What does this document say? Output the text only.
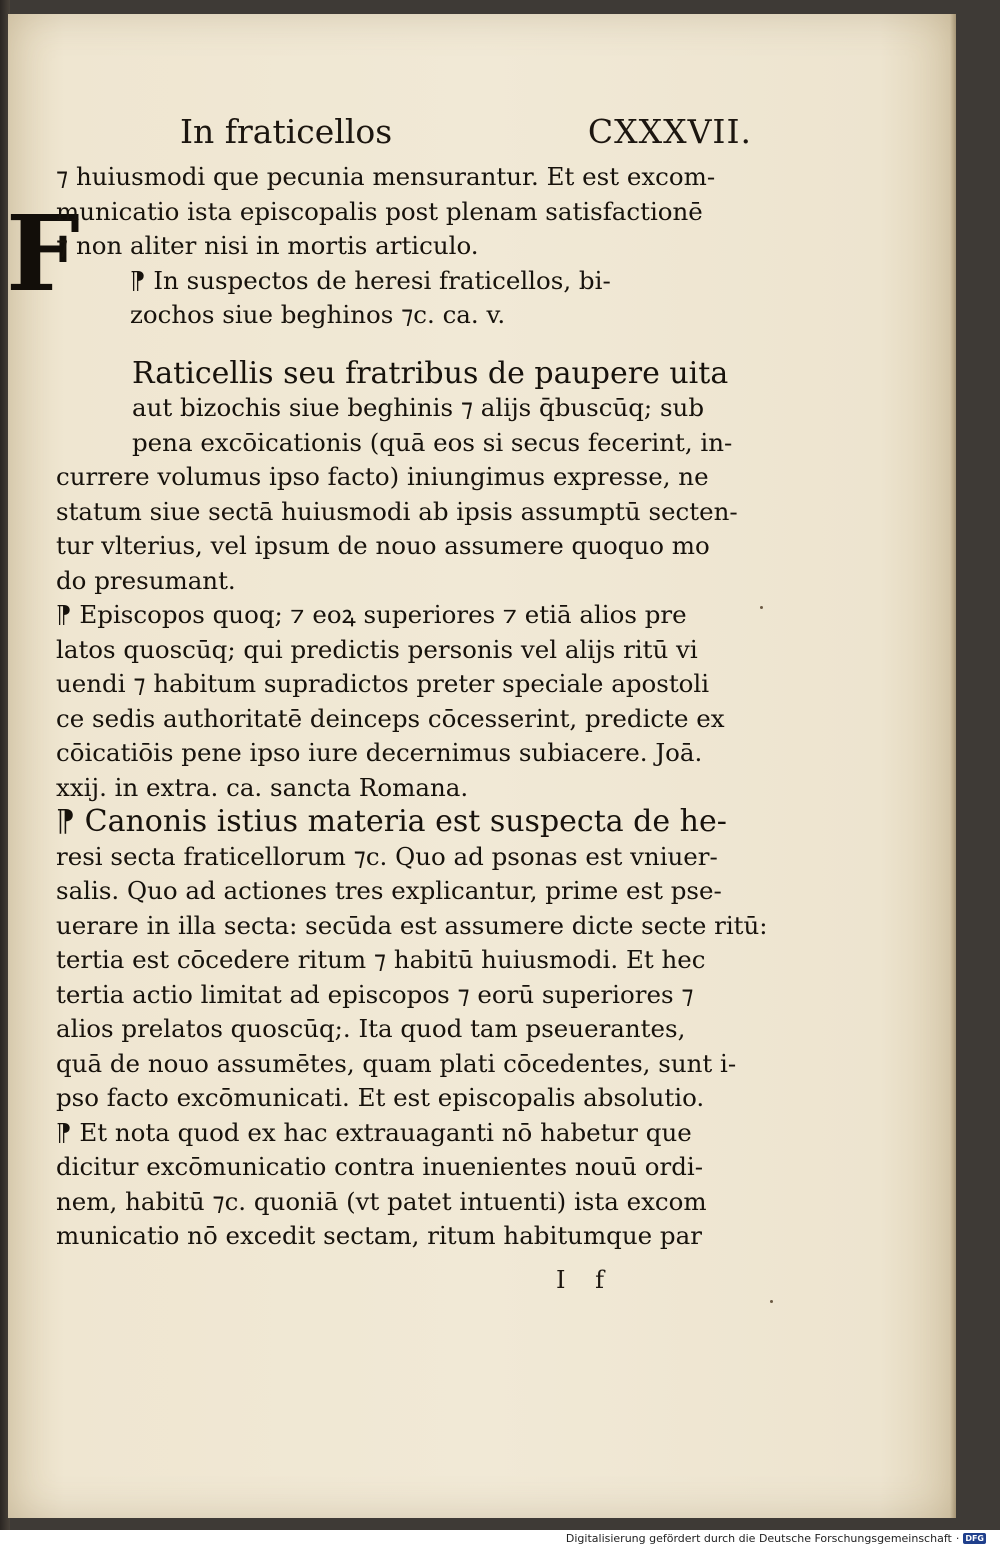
In fraticellos	CXXXVII.
F
⁊ huiusmodi que pecunia mensurantur. Et est excom-
municatio ista episcopalis post plenam satisfactionē
⁊ non aliter nisi in mortis articulo.
⁋ In suspectos de heresi fraticellos, bi-
zochos siue beghinos ⁊c. ca. v.
Raticellis seu fratribus de paupere uita
aut bizochis siue beghinis ⁊ alijs q̄buscūq; sub
pena excōicationis (quā eos si secus fecerint, in-
currere volumus ipso facto) iniungimus expresse, ne
statum siue sectā huiusmodi ab ipsis assumptū secten-
tur vlterius, vel ipsum de nouo assumere quoquo mo
do presumant.
⁋ Episcopos quoq; ⁊ eoꝝ superiores ⁊ etiā alios pre
latos quoscūq; qui predictis personis vel alijs ritū vi
uendi ⁊ habitum supradictos preter speciale apostoli
ce sedis authoritatē deinceps cōcesserint, predicte ex
cōicatiōis pene ipso iure decernimus subiacere. Joā.
xxij. in extra. ca. sancta Romana.
⁋ Canonis istius materia est suspecta de he-
resi secta fraticellorum ⁊c. Quo ad psonas est vniuer-
salis. Quo ad actiones tres explicantur, prime est pse-
uerare in illa secta: secūda est assumere dicte secte ritū:
tertia est cōcedere ritum ⁊ habitū huiusmodi. Et hec
tertia actio limitat ad episcopos ⁊ eorū superiores ⁊
alios prelatos quoscūq;. Ita quod tam pseuerantes,
quā de nouo assumētes, quam plati cōcedentes, sunt i-
pso facto excōmunicati. Et est episcopalis absolutio.
⁋ Et nota quod ex hac extrauaganti nō habetur que
dicitur excōmunicatio contra inuenientes nouū ordi-
nem, habitū ⁊c. quoniā (vt patet intuenti) ista excom
municatio nō excedit sectam, ritum habitumque par
I f
Digitalisierung gefördert durch die Deutsche Forschungsgemeinschaft · DFG
